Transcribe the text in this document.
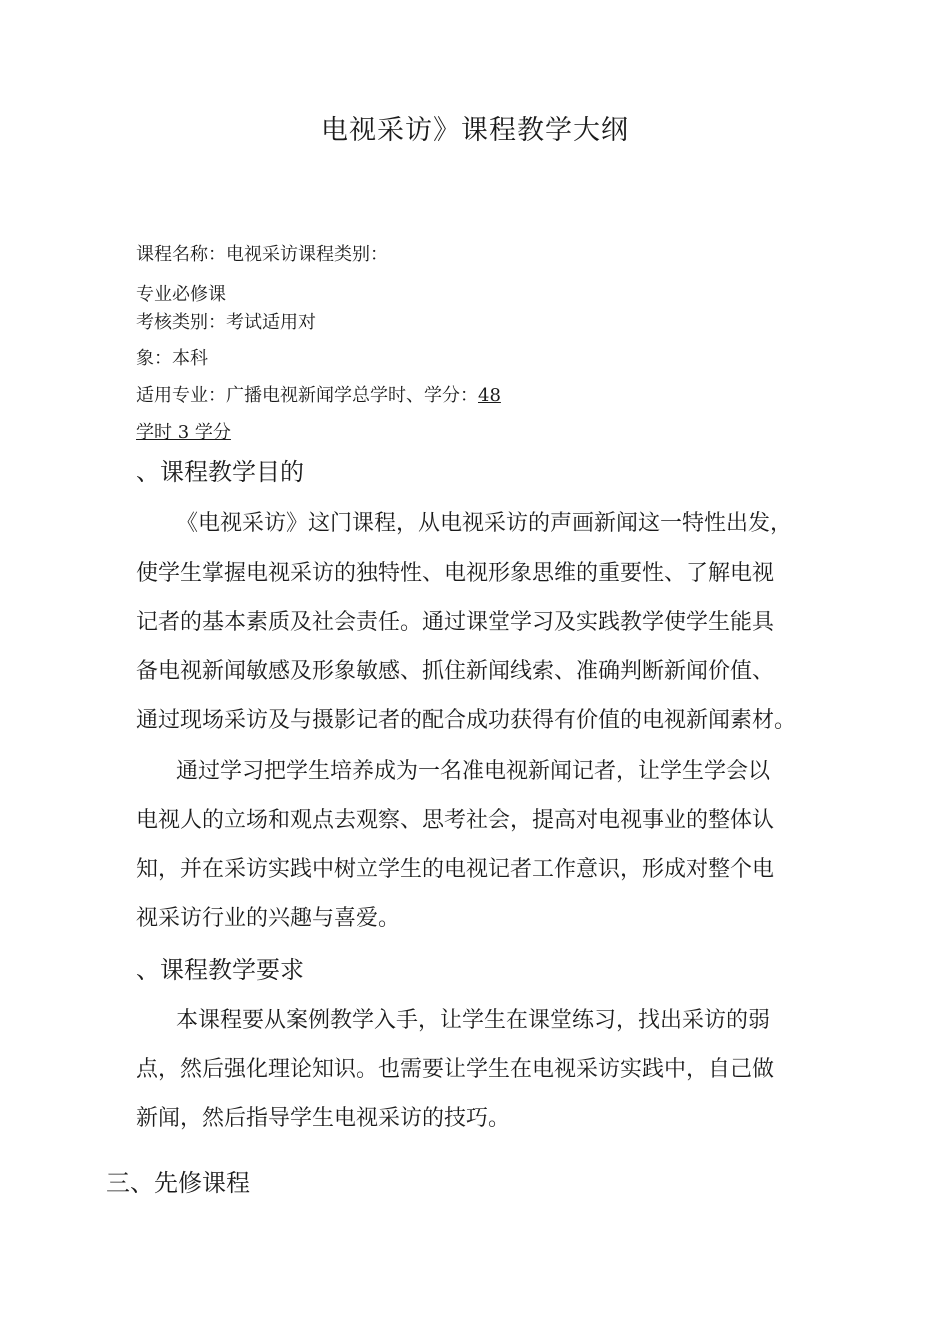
电视采访》课程教学大纲
课程名称：电视采访课程类别：
专业必修课
考核类别：考试适用对
象：本科
适用专业：广播电视新闻学总学时、学分：48
学时 3 学分
、课程教学目的
《电视采访》这门课程，从电视采访的声画新闻这一特性出发，
使学生掌握电视采访的独特性、电视形象思维的重要性、了解电视
记者的基本素质及社会责任。通过课堂学习及实践教学使学生能具
备电视新闻敏感及形象敏感、抓住新闻线索、准确判断新闻价值、
通过现场采访及与摄影记者的配合成功获得有价值的电视新闻素材。
通过学习把学生培养成为一名准电视新闻记者，让学生学会以
电视人的立场和观点去观察、思考社会，提高对电视事业的整体认
知，并在采访实践中树立学生的电视记者工作意识，形成对整个电
视采访行业的兴趣与喜爱。
、课程教学要求
本课程要从案例教学入手，让学生在课堂练习，找出采访的弱
点，然后强化理论知识。也需要让学生在电视采访实践中，自己做
新闻，然后指导学生电视采访的技巧。
三、先修课程
